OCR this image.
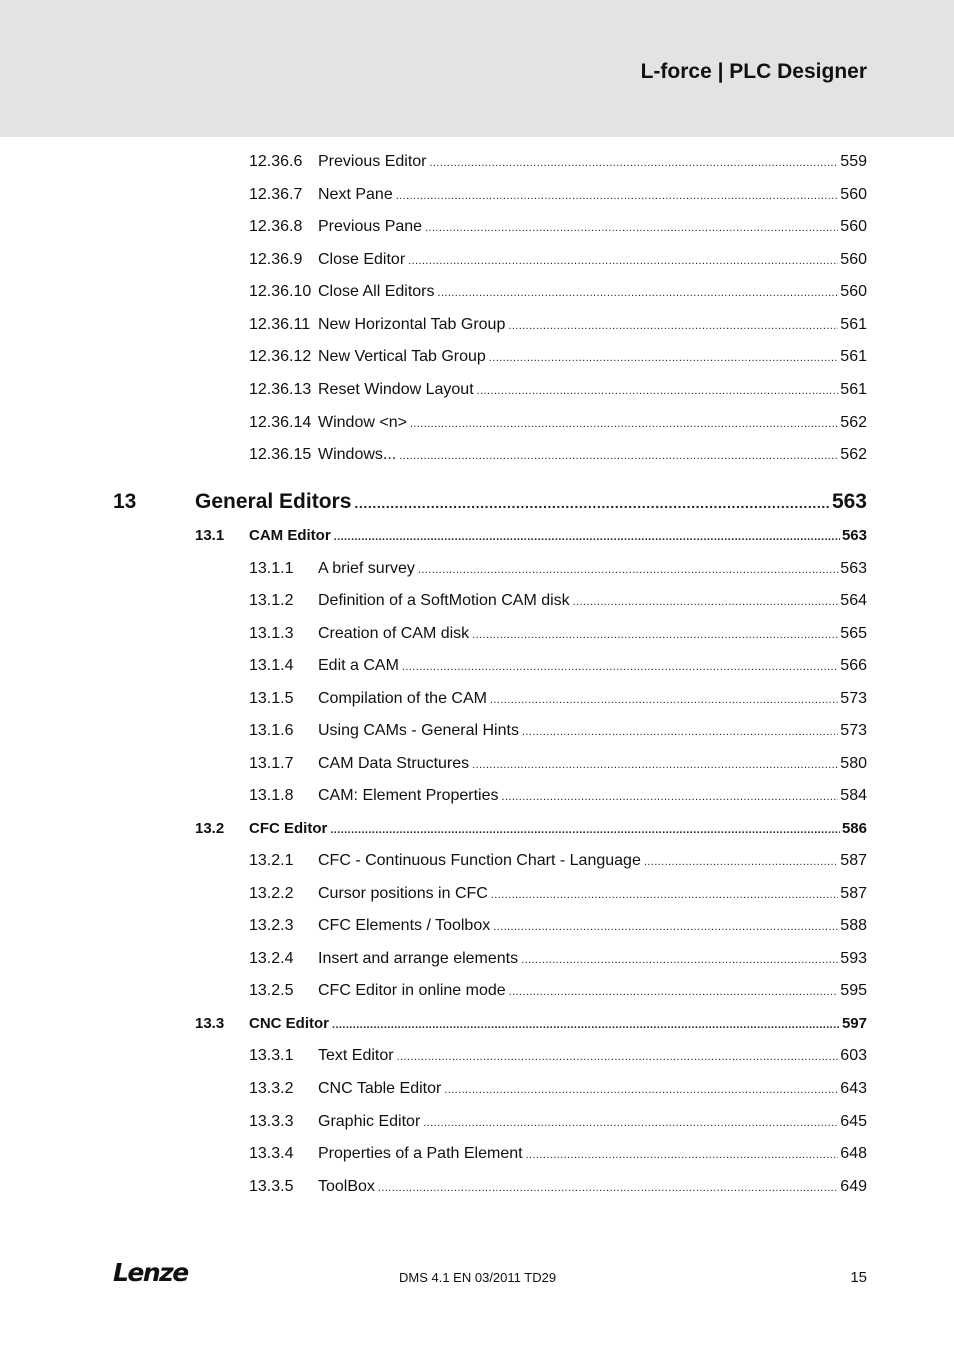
L-force | PLC Designer
12.36.6 Previous Editor .....	559
12.36.7 Next Pane .....	560
12.36.8 Previous Pane .....	560
12.36.9 Close Editor .....	560
12.36.10 Close All Editors .....	560
12.36.11 New Horizontal Tab Group .....	561
12.36.12 New Vertical Tab Group .....	561
12.36.13 Reset Window Layout .....	561
12.36.14 Window <n> .....	562
12.36.15 Windows... .....	562
13	General Editors .....	563
13.1	CAM Editor .....	563
13.1.1	A brief survey .....	563
13.1.2	Definition of a SoftMotion CAM disk .....	564
13.1.3	Creation of CAM disk .....	565
13.1.4	Edit a CAM .....	566
13.1.5	Compilation of the CAM .....	573
13.1.6	Using CAMs - General Hints .....	573
13.1.7	CAM Data Structures .....	580
13.1.8	CAM: Element Properties .....	584
13.2	CFC Editor .....	586
13.2.1	CFC - Continuous Function Chart - Language .....	587
13.2.2	Cursor positions in CFC .....	587
13.2.3	CFC Elements / Toolbox .....	588
13.2.4	Insert and arrange elements .....	593
13.2.5	CFC Editor in online mode .....	595
13.3	CNC Editor .....	597
13.3.1	Text Editor .....	603
13.3.2	CNC Table Editor .....	643
13.3.3	Graphic Editor .....	645
13.3.4	Properties of a Path Element .....	648
13.3.5	ToolBox .....	649
Lenze	DMS 4.1 EN 03/2011 TD29	15
